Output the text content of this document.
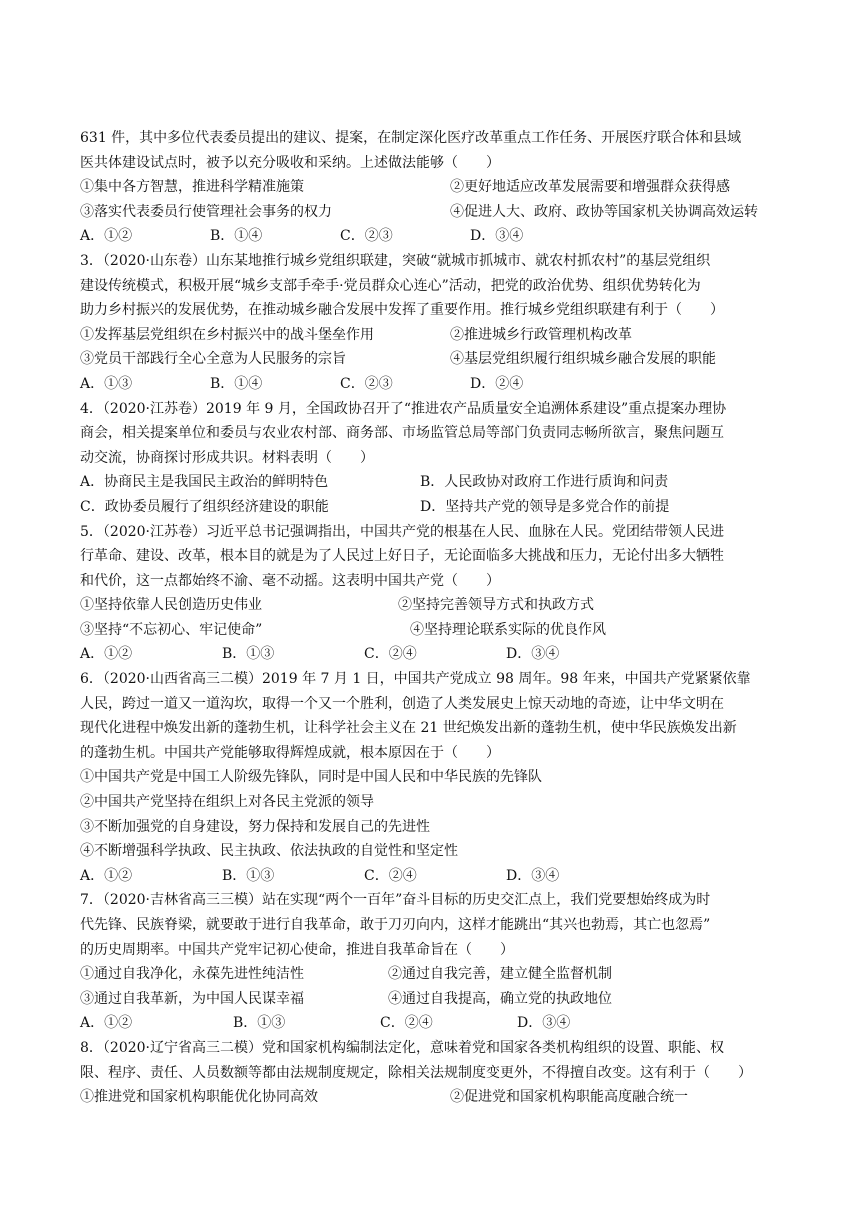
631 件，其中多位代表委员提出的建议、提案，在制定深化医疗改革重点工作任务、开展医疗联合体和县域
医共体建设试点时，被予以充分吸收和采纳。上述做法能够（　　）
①集中各方智慧，推进科学精准施策	②更好地适应改革发展需要和增强群众获得感
③落实代表委员行使管理社会事务的权力	④促进人大、政府、政协等国家机关协调高效运转
A．①②	B．①④	C．②③	D．③④
3．（2020·山东卷）山东某地推行城乡党组织联建，突破“就城市抓城市、就农村抓农村”的基层党组织
建设传统模式，积极开展“城乡支部手牵手·党员群众心连心”活动，把党的政治优势、组织优势转化为
助力乡村振兴的发展优势，在推动城乡融合发展中发挥了重要作用。推行城乡党组织联建有利于（　　）
①发挥基层党组织在乡村振兴中的战斗堡垒作用	②推进城乡行政管理机构改革
③党员干部践行全心全意为人民服务的宗旨	④基层党组织履行组织城乡融合发展的职能
A．①③	B．①④	C．②③	D．②④
4．（2020·江苏卷）2019 年 9 月，全国政协召开了“推进农产品质量安全追溯体系建设”重点提案办理协
商会，相关提案单位和委员与农业农村部、商务部、市场监管总局等部门负责同志畅所欲言，聚焦问题互
动交流，协商探讨形成共识。材料表明（　　）
A．协商民主是我国民主政治的鲜明特色	B．人民政协对政府工作进行质询和问责
C．政协委员履行了组织经济建设的职能	D．坚持共产党的领导是多党合作的前提
5．（2020·江苏卷）习近平总书记强调指出，中国共产党的根基在人民、血脉在人民。党团结带领人民进
行革命、建设、改革，根本目的就是为了人民过上好日子，无论面临多大挑战和压力，无论付出多大牺牲
和代价，这一点都始终不渝、毫不动摇。这表明中国共产党（　　）
①坚持依靠人民创造历史伟业	②坚持完善领导方式和执政方式
③坚持“不忘初心、牢记使命”	④坚持理论联系实际的优良作风
A．①②	B．①③	C．②④	D．③④
6．（2020·山西省高三二模）2019 年 7 月 1 日，中国共产党成立 98 周年。98 年来，中国共产党紧紧依靠
人民，跨过一道又一道沟坎，取得一个又一个胜利，创造了人类发展史上惊天动地的奇迹，让中华文明在
现代化进程中焕发出新的蓬勃生机，让科学社会主义在 21 世纪焕发出新的蓬勃生机，使中华民族焕发出新
的蓬勃生机。中国共产党能够取得辉煌成就，根本原因在于（　　）
①中国共产党是中国工人阶级先锋队，同时是中国人民和中华民族的先锋队
②中国共产党坚持在组织上对各民主党派的领导
③不断加强党的自身建设，努力保持和发展自己的先进性
④不断增强科学执政、民主执政、依法执政的自觉性和坚定性
A．①②	B．①③	C．②④	D．③④
7．（2020·吉林省高三三模）站在实现“两个一百年”奋斗目标的历史交汇点上，我们党要想始终成为时
代先锋、民族脊梁，就要敢于进行自我革命，敢于刀刃向内，这样才能跳出“其兴也勃焉，其亡也忽焉”
的历史周期率。中国共产党牢记初心使命，推进自我革命旨在（　　）
①通过自我净化，永葆先进性纯洁性	②通过自我完善，建立健全监督机制
③通过自我革新，为中国人民谋幸福	④通过自我提高，确立党的执政地位
A．①②	B．①③	C．②④	D．③④
8．（2020·辽宁省高三二模）党和国家机构编制法定化，意味着党和国家各类机构组织的设置、职能、权
限、程序、责任、人员数额等都由法规制度规定，除相关法规制度变更外，不得擅自改变。这有利于（　　）
①推进党和国家机构职能优化协同高效	②促进党和国家机构职能高度融合统一
